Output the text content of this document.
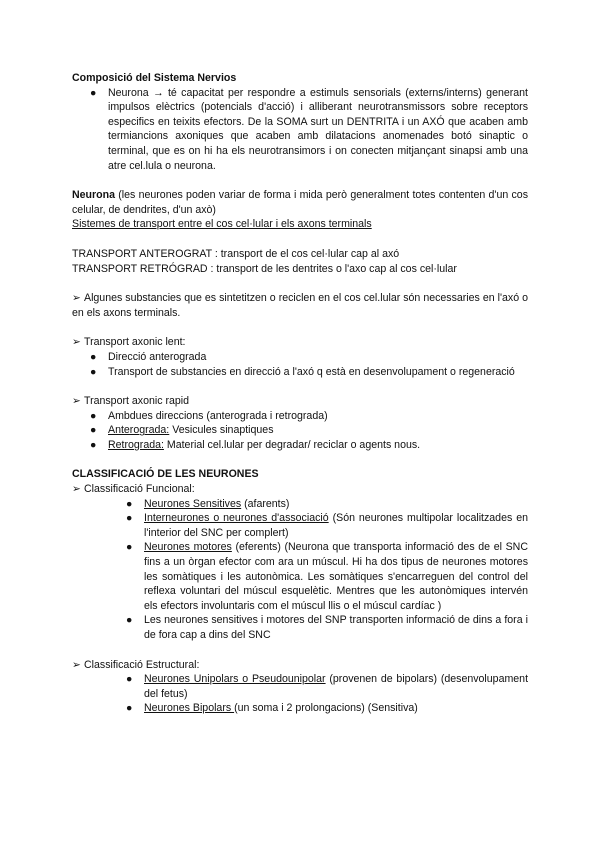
Composició del Sistema Nervios

● Neurona → té capacitat per respondre a estimuls sensorials (externs/interns) generant impulsos elèctrics (potencials d'acció) i alliberant neurotransmissors sobre receptors especifics en teixits efectors. De la SOMA surt un DENTRITA i un AXÓ que acaben amb termiancions axoniques que acaben amb dilatacions anomenades botó sinaptic o terminal, que es on hi ha els neurotransimors i on conecten mitjançant sinapsi amb una atre cel.lula o neurona.

Neurona (les neurones poden variar de forma i mida però generalment totes contenten d'un cos celular, de dendrites, d'un axò)

Sistemes de transport entre el cos cel·lular i els axons terminals

TRANSPORT ANTEROGRAT : transport de el cos cel·lular cap al axó

TRANSPORT RETRÓGRAD : transport de les dentrites o l'axo cap al cos cel·lular

➢ Algunes substancies que es sintetitzen o reciclen en el cos cel.lular són necessaries en l'axó o en els axons terminals.

➢ Transport axonic lent:

● Direcció anterograda
● Transport de substancies en direcció a l'axó q està en desenvolupament o regeneració

➢ Transport axonic rapid

● Ambdues direccions (anterograda i retrograda)
● Anterograda: Vesicules sinaptiques
● Retrograda: Material cel.lular per degradar/ reciclar o agents nous.

CLASSIFICACIÓ DE LES NEURONES

➢ Classificació Funcional:

● Neurones Sensitives (afarents)
● Interneurones o neurones d'associació (Són neurones multipolar localitzades en l'interior del SNC per complert)
● Neurones motores (eferents) (Neurona que transporta informació des de el SNC fins a un òrgan efector com ara un múscul. Hi ha dos tipus de neurones motores les somàtiques i les autonòmica. Les somàtiques s'encarreguen del control del reflexa voluntari del múscul esquelètic. Mentres que les autonòmiques intervén els efectors involuntaris com el múscul llis o el múscul cardíac )
● Les neurones sensitives i motores del SNP transporten informació de dins a fora i de fora cap a dins del SNC

➢ Classificació Estructural:

● Neurones Unipolars o Pseudounipolar (provenen de bipolars) (desenvolupament del fetus)
● Neurones Bipolars (un soma i 2 prolongacions) (Sensitiva)
